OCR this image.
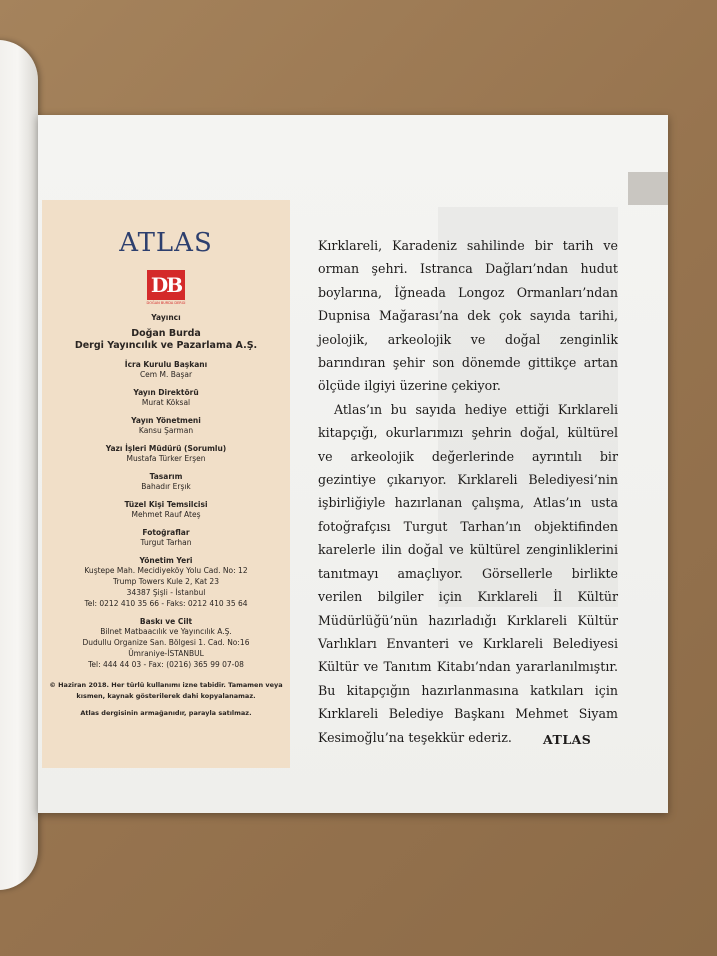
ATLAS
DB
DOĞAN BURDA DERGİ
Yayıncı
Doğan Burda
Dergi Yayıncılık ve Pazarlama A.Ş.
İcra Kurulu Başkanı
Cem M. Başar
Yayın Direktörü
Murat Köksal
Yayın Yönetmeni
Kansu Şarman
Yazı İşleri Müdürü (Sorumlu)
Mustafa Türker Erşen
Tasarım
Bahadır Erşık
Tüzel Kişi Temsilcisi
Mehmet Rauf Ateş
Fotoğraflar
Turgut Tarhan
Yönetim Yeri
Kuştepe Mah. Mecidiyeköy Yolu Cad. No: 12
Trump Towers Kule 2, Kat 23
34387 Şişli - İstanbul
Tel: 0212 410 35 66 - Faks: 0212 410 35 64
Baskı ve Cilt
Bilnet Matbaacılık ve Yayıncılık A.Ş.
Dudullu Organize San. Bölgesi 1. Cad. No:16
Ümraniye-İSTANBUL
Tel: 444 44 03 - Fax: (0216) 365 99 07-08
© Haziran 2018. Her türlü kullanımı izne tabidir. Tamamen veya kısmen, kaynak gösterilerek dahi kopyalanamaz.
Atlas dergisinin armağanıdır, parayla satılmaz.

Kırklareli, Karadeniz sahilinde bir tarih ve orman şehri. Istranca Dağları’ndan hudut boylarına, İğneada Longoz Ormanları’ndan Dupnisa Mağarası’na dek çok sayıda tarihi, jeolojik, arkeolojik ve doğal zenginlik barındıran şehir son dönemde gittikçe artan ölçüde ilgiyi üzerine çekiyor.

Atlas’ın bu sayıda hediye ettiği Kırklareli kitapçığı, okurlarımızı şehrin doğal, kültürel ve arkeolojik değerlerinde ayrıntılı bir gezintiye çıkarıyor. Kırklareli Belediyesi’nin işbirliğiyle hazırlanan çalışma, Atlas’ın usta fotoğrafçısı Turgut Tarhan’ın objektifinden karelerle ilin doğal ve kültürel zenginliklerini tanıtmayı amaçlıyor. Görsellerle birlikte verilen bilgiler için Kırklareli İl Kültür Müdürlüğü’nün hazırladığı Kırklareli Kültür Varlıkları Envanteri ve Kırklareli Belediyesi Kültür ve Tanıtım Kitabı’ndan yararlanılmıştır. Bu kitapçığın hazırlanmasına katkıları için Kırklareli Belediye Başkanı Mehmet Siyam Kesimoğlu’na teşekkür ederiz.	ATLAS
